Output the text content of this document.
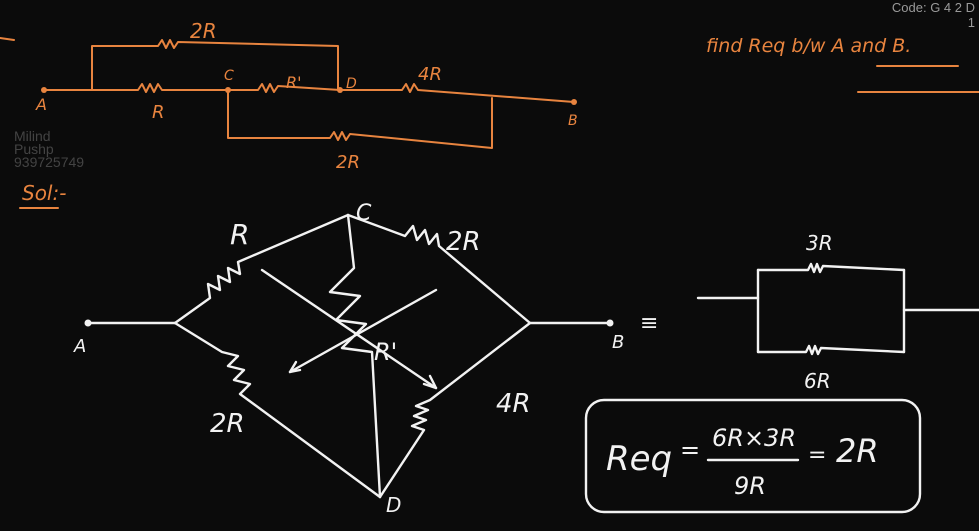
Milind
Pushp
939725749
Code: G 4 2 D
1
find Req b/w A and B.
A
B
C	D
2R
R
R'	4R
2R
Sol:-
A	B
C
D
R	2R
2R
4R
R'
≡
3R
6R
Req = 6R×3R
9R
= 2R
